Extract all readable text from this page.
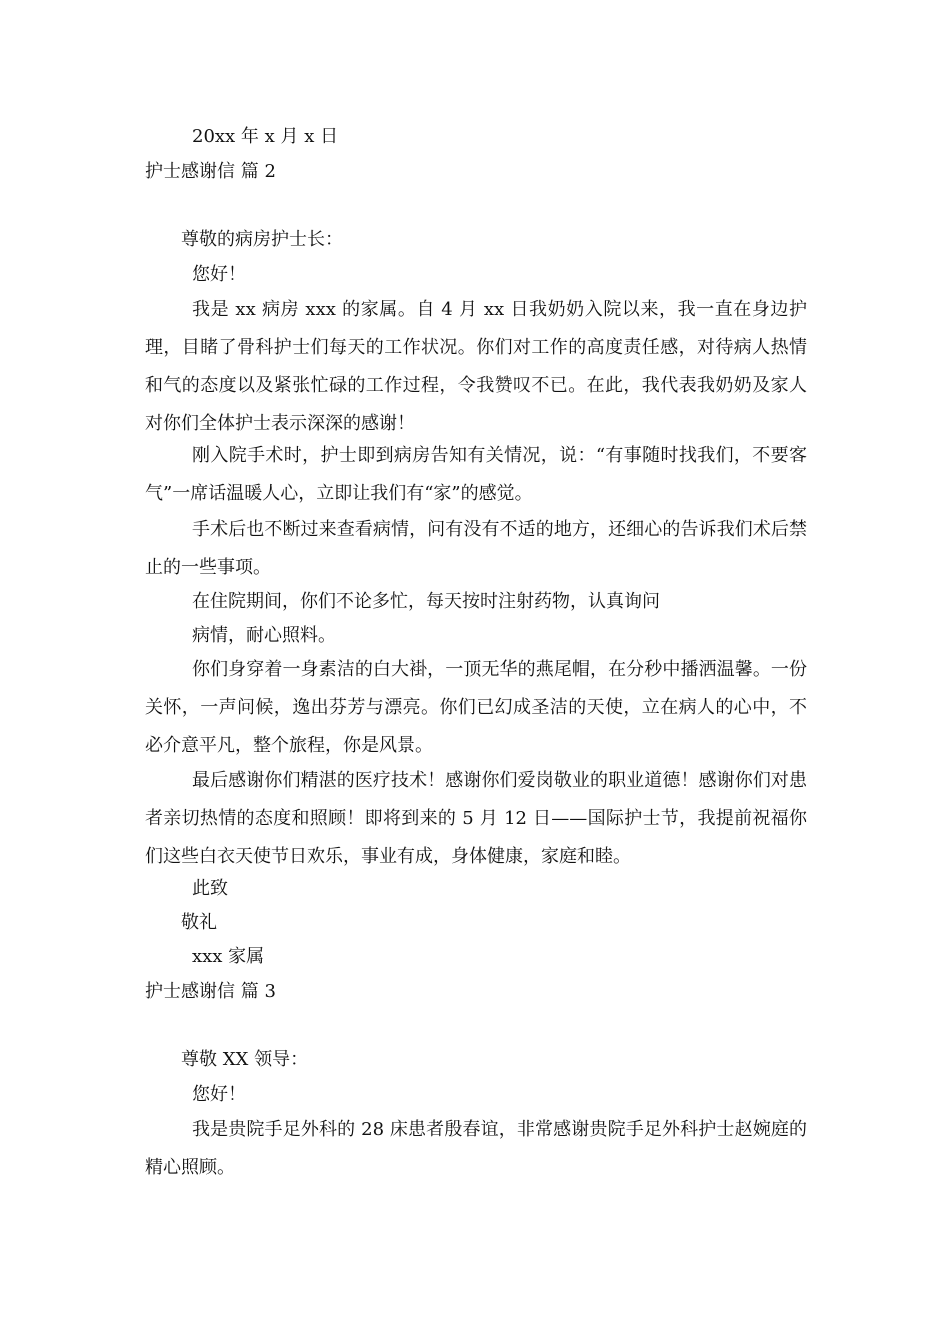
20xx 年 x 月 x 日
护士感谢信 篇 2
尊敬的病房护士长：
您好！
我是 xx 病房 xxx 的家属。自 4 月 xx 日我奶奶入院以来，我一直在身边护理，目睹了骨科护士们每天的工作状况。你们对工作的高度责任感，对待病人热情和气的态度以及紧张忙碌的工作过程，令我赞叹不已。在此，我代表我奶奶及家人对你们全体护士表示深深的感谢！
刚入院手术时，护士即到病房告知有关情况，说：“有事随时找我们，不要客气”一席话温暖人心，立即让我们有“家”的感觉。
手术后也不断过来查看病情，问有没有不适的地方，还细心的告诉我们术后禁止的一些事项。
在住院期间，你们不论多忙，每天按时注射药物，认真询问
病情，耐心照料。
你们身穿着一身素洁的白大褂，一顶无华的燕尾帽，在分秒中播洒温馨。一份关怀，一声问候，逸出芬芳与漂亮。你们已幻成圣洁的天使，立在病人的心中，不必介意平凡，整个旅程，你是风景。
最后感谢你们精湛的医疗技术！感谢你们爱岗敬业的职业道德！感谢你们对患者亲切热情的态度和照顾！即将到来的 5 月 12 日——国际护士节，我提前祝福你们这些白衣天使节日欢乐，事业有成，身体健康，家庭和睦。
此致
敬礼
xxx 家属
护士感谢信 篇 3
尊敬 XX 领导：
您好！
我是贵院手足外科的 28 床患者殷春谊，非常感谢贵院手足外科护士赵婉庭的精心照顾。
